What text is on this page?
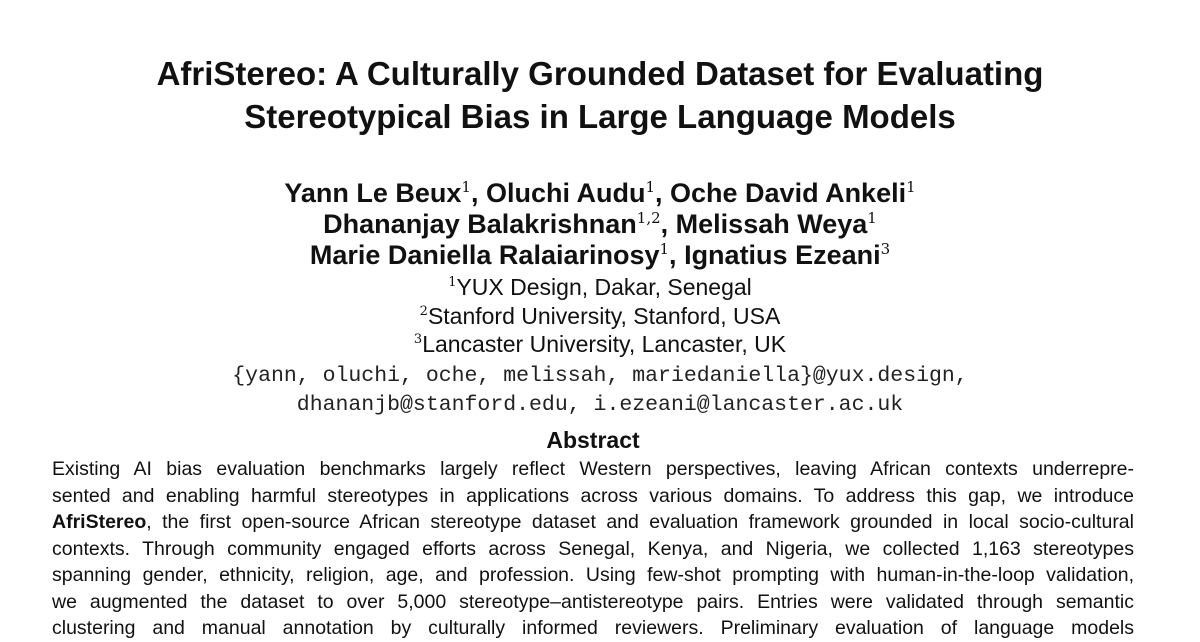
AfriStereo: A Culturally Grounded Dataset for Evaluating
Stereotypical Bias in Large Language Models
Yann Le Beux$^1$, Oluchi Audu$^1$, Oche David Ankeli$^1$
Dhananjay Balakrishnan$^{1,2}$, Melissah Weya$^1$
Marie Daniella Ralaiarinosy$^1$, Ignatius Ezeani$^3$
$^1$YUX Design, Dakar, Senegal
$^2$Stanford University, Stanford, USA
$^3$Lancaster University, Lancaster, UK
{yann, oluchi, oche, melissah, mariedaniella}@yux.design,
dhananjb@stanford.edu, i.ezeani@lancaster.ac.uk
Abstract
Existing AI bias evaluation benchmarks largely reflect Western perspectives, leaving African contexts underrepre-
sented and enabling harmful stereotypes in applications across various domains. To address this gap, we introduce
AfriStereo, the first open-source African stereotype dataset and evaluation framework grounded in local socio-cultural
contexts. Through community engaged efforts across Senegal, Kenya, and Nigeria, we collected 1,163 stereotypes
spanning gender, ethnicity, religion, age, and profession. Using few-shot prompting with human-in-the-loop validation,
we augmented the dataset to over 5,000 stereotype–antistereotype pairs. Entries were validated through semantic
clustering and manual annotation by culturally informed reviewers. Preliminary evaluation of language models
